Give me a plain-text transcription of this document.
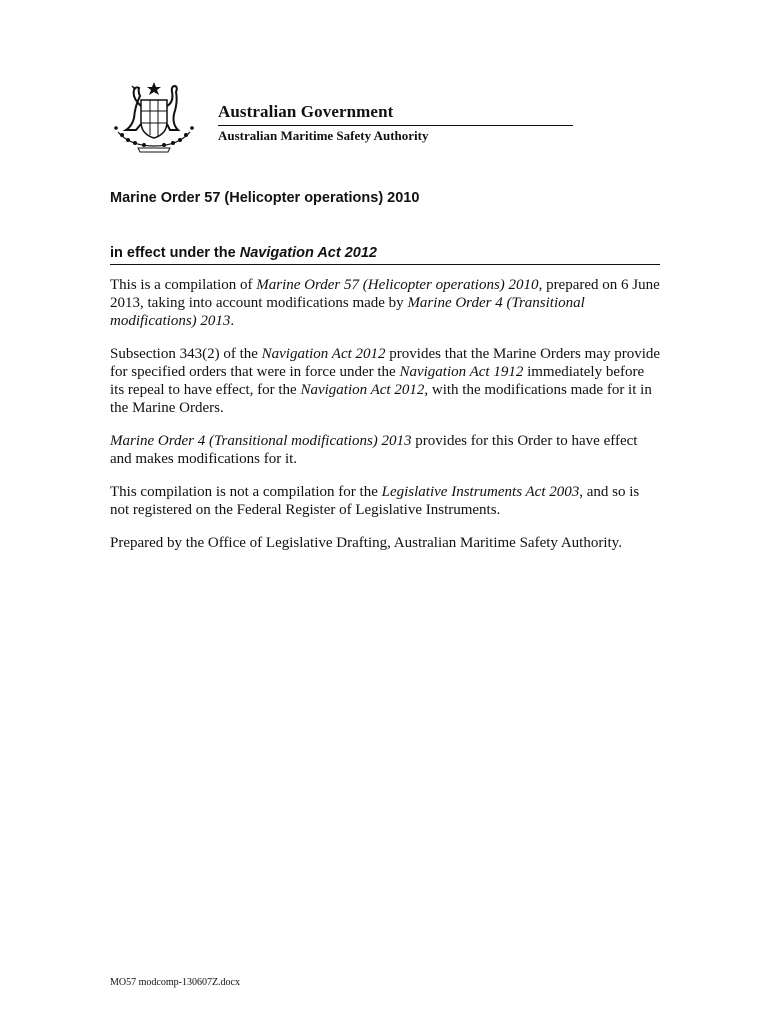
Australian Government
Australian Maritime Safety Authority
Marine Order 57 (Helicopter operations) 2010
in effect under the Navigation Act 2012

This is a compilation of Marine Order 57 (Helicopter operations) 2010, prepared on 6 June 2013, taking into account modifications made by Marine Order 4 (Transitional modifications) 2013.

Subsection 343(2) of the Navigation Act 2012 provides that the Marine Orders may provide for specified orders that were in force under the Navigation Act 1912 immediately before its repeal to have effect, for the Navigation Act 2012, with the modifications made for it in the Marine Orders.

Marine Order 4 (Transitional modifications) 2013 provides for this Order to have effect and makes modifications for it.

This compilation is not a compilation for the Legislative Instruments Act 2003, and so is not registered on the Federal Register of Legislative Instruments.

Prepared by the Office of Legislative Drafting, Australian Maritime Safety Authority.

MO57 modcomp-130607Z.docx
